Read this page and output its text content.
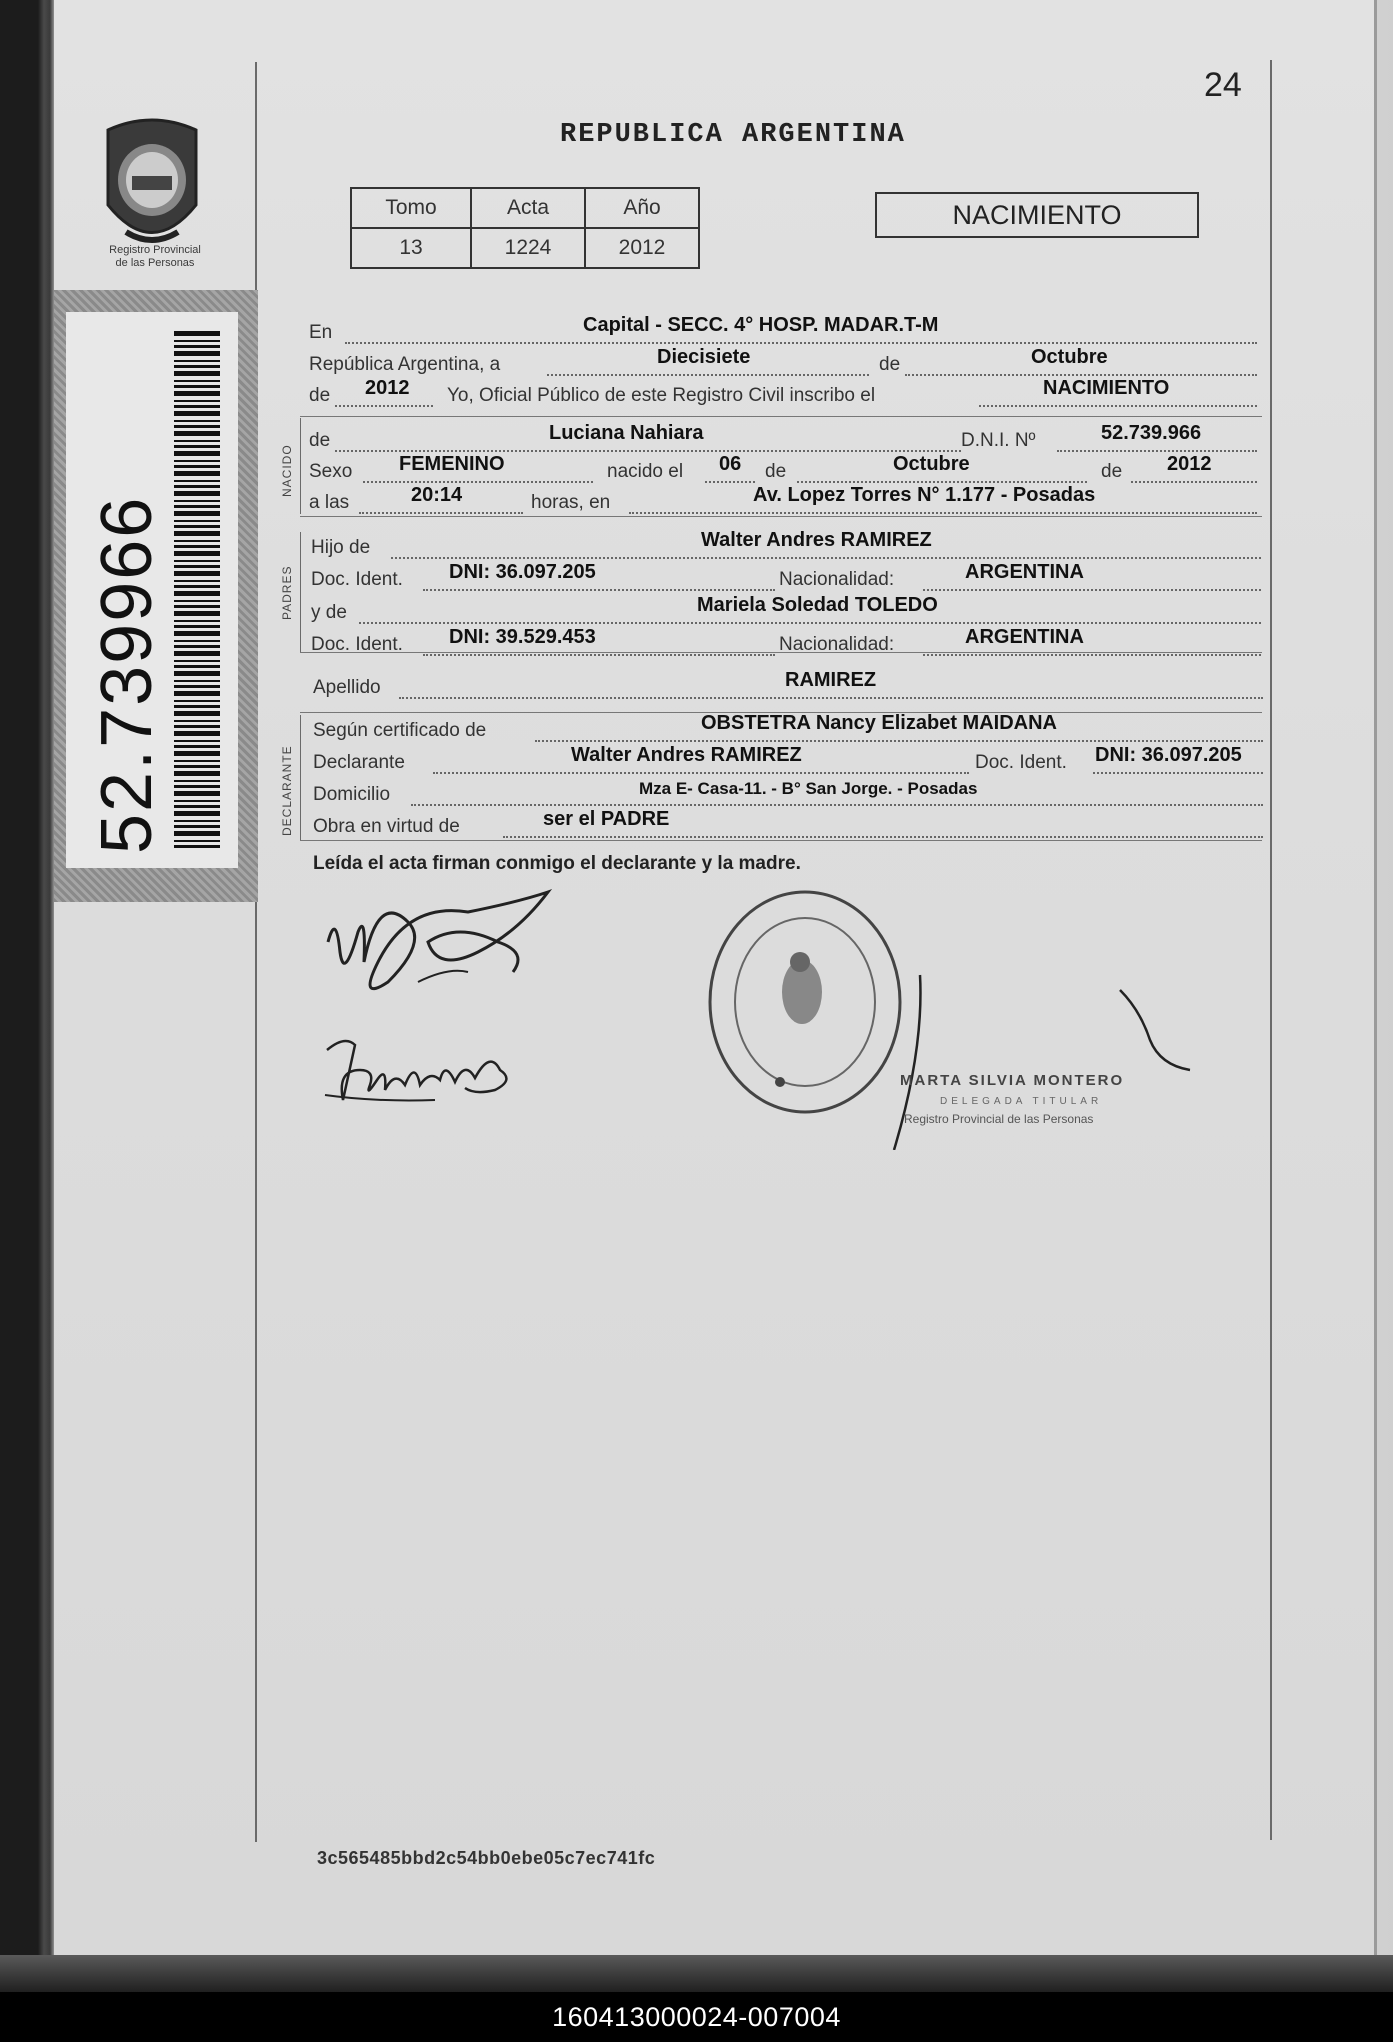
Registro Provincial
de las Personas
52.739966
24
REPUBLICA ARGENTINA
Tomo	Acta	Año
13	1224	2012
NACIMIENTO
NACIDO
PADRES
DECLARANTE
En	Capital - SECC. 4° HOSP. MADAR.T-M
República Argentina, a	Diecisiete	de	Octubre
de 2012 Yo, Oficial Público de este Registro Civil inscribo el	NACIMIENTO
de	Luciana Nahiara	D.N.I. Nº	52.739.966
Sexo FEMENINO	nacido el 06 de	Octubre	de 2012
a las	20:14	horas, en	Av. Lopez Torres N° 1.177 - Posadas
Hijo de	Walter Andres RAMIREZ
Doc. Ident. DNI: 36.097.205	Nacionalidad:	ARGENTINA
y de	Mariela Soledad TOLEDO
Doc. Ident. DNI: 39.529.453	Nacionalidad:	ARGENTINA
Apellido	RAMIREZ
Según certificado de	OBSTETRA Nancy Elizabet MAIDANA
Declarante	Walter Andres RAMIREZ	Doc. Ident. DNI: 36.097.205
Domicilio	Mza E- Casa-11. - B° San Jorge. - Posadas
Obra en virtud de	ser el PADRE
Leída el acta firman conmigo el declarante y la madre.
MARTA SILVIA MONTERO
DELEGADA TITULAR
Registro Provincial de las Personas
3c565485bbd2c54bb0ebe05c7ec741fc
160413000024-007004
